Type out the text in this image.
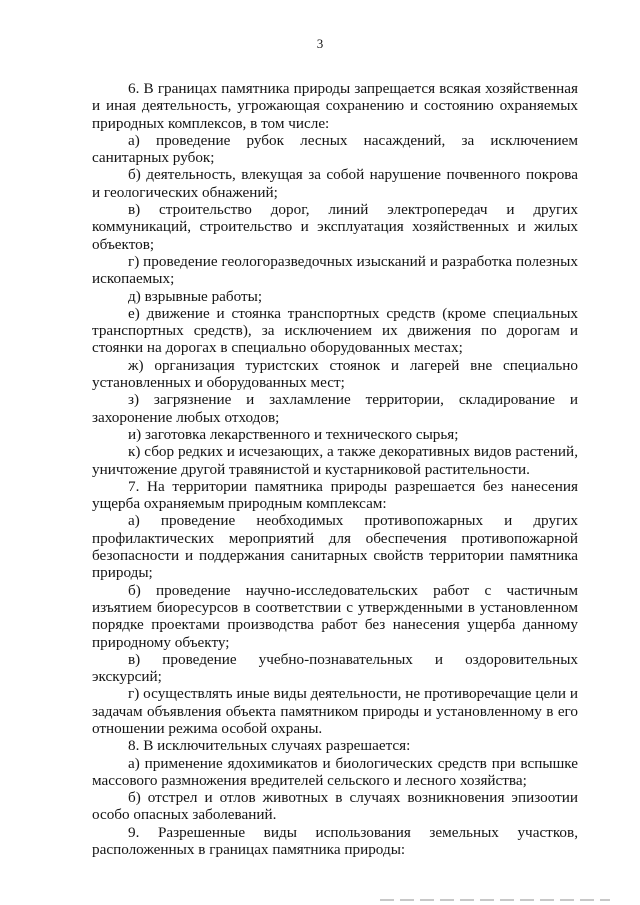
3

6. В границах памятника природы запрещается всякая хозяйственная и иная деятельность, угрожающая сохранению и состоянию охраняемых природных комплексов, в том числе:

а) проведение рубок лесных насаждений, за исключением санитарных рубок;

б) деятельность, влекущая за собой нарушение почвенного покрова и геологических обнажений;

в) строительство дорог, линий электропередач и других коммуникаций, строительство и эксплуатация хозяйственных и жилых объектов;

г) проведение геологоразведочных изысканий и разработка полезных ископаемых;

д) взрывные работы;

е) движение и стоянка транспортных средств (кроме специальных транспортных средств), за исключением их движения по дорогам и стоянки на дорогах в специально оборудованных местах;

ж) организация туристских стоянок и лагерей вне специально установленных и оборудованных мест;

з) загрязнение и захламление территории, складирование и захоронение любых отходов;

и) заготовка лекарственного и технического сырья;

к) сбор редких и исчезающих, а также декоративных видов растений, уничтожение другой травянистой и кустарниковой растительности.

7. На территории памятника природы разрешается без нанесения ущерба охраняемым природным комплексам:

а) проведение необходимых противопожарных и других профилактических мероприятий для обеспечения противопожарной безопасности и поддержания санитарных свойств территории памятника природы;

б) проведение научно-исследовательских работ с частичным изъятием биоресурсов в соответствии с утвержденными в установленном порядке проектами производства работ без нанесения ущерба данному природному объекту;

в) проведение учебно-познавательных и оздоровительных экскурсий;

г) осуществлять иные виды деятельности, не противоречащие цели и задачам объявления объекта памятником природы и установленному в его отношении режима особой охраны.

8. В исключительных случаях разрешается:

а) применение ядохимикатов и биологических средств при вспышке массового размножения вредителей сельского и лесного хозяйства;

б) отстрел и отлов животных в случаях возникновения эпизоотии особо опасных заболеваний.

9. Разрешенные виды использования земельных участков, расположенных в границах памятника природы:
